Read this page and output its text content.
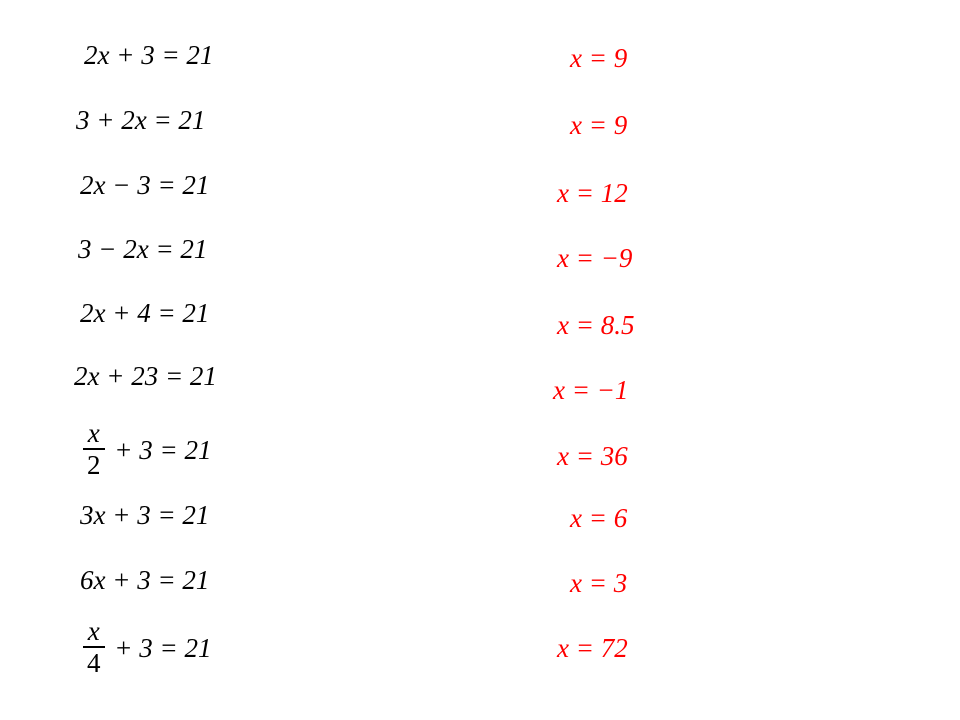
2x + 3 = 21	x = 9
3 + 2x = 21	x = 9
2x − 3 = 21	x = 12
3 − 2x = 21	x = −9
2x + 4 = 21	x = 8.5
2x + 23 = 21	x = −1
$\frac{x}{2} + 3 = 21$	x = 36
3x + 3 = 21	x = 6
6x + 3 = 21	x = 3
$\frac{x}{4} + 3 = 21$	x = 72
